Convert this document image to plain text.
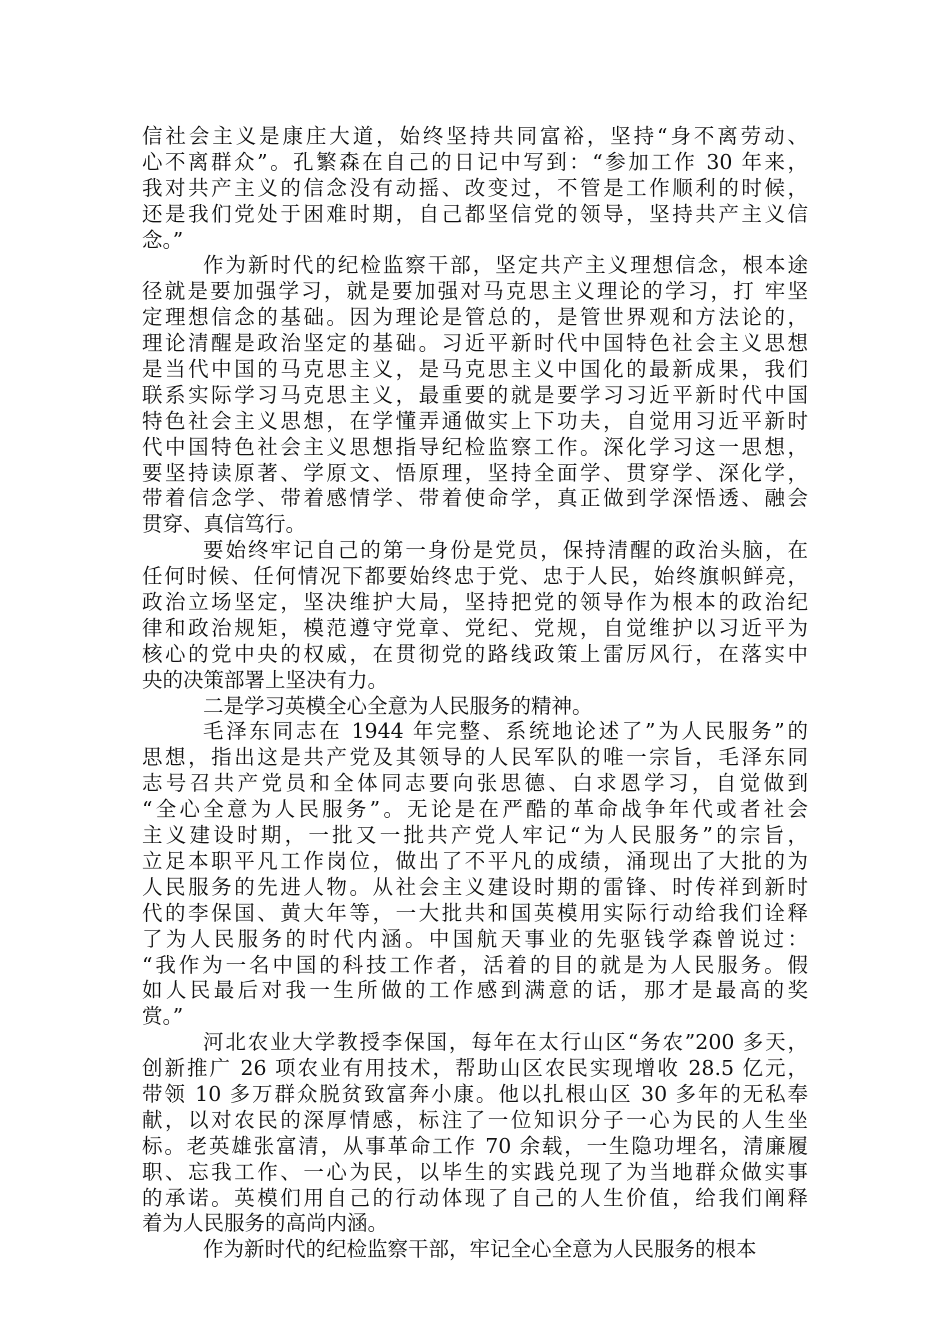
信社会主义是康庄大道，始终坚持共同富裕，坚持“身不离劳动、
心不离群众”。孔繁森在自己的日记中写到：“参加工作 30 年来，
我对共产主义的信念没有动摇、改变过，不管是工作顺利的时候，
还是我们党处于困难时期，自己都坚信党的领导，坚持共产主义信
念。”
作为新时代的纪检监察干部，坚定共产主义理想信念，根本途
径就是要加强学习，就是要加强对马克思主义理论的学习，打 牢坚
定理想信念的基础。因为理论是管总的，是管世界观和方法论的，
理论清醒是政治坚定的基础。习近平新时代中国特色社会主义思想
是当代中国的马克思主义，是马克思主义中国化的最新成果，我们
联系实际学习马克思主义，最重要的就是要学习习近平新时代中国
特色社会主义思想，在学懂弄通做实上下功夫，自觉用习近平新时
代中国特色社会主义思想指导纪检监察工作。深化学习这一思想，
要坚持读原著、学原文、悟原理，坚持全面学、贯穿学、深化学，
带着信念学、带着感情学、带着使命学，真正做到学深悟透、融会
贯穿、真信笃行。
要始终牢记自己的第一身份是党员，保持清醒的政治头脑，在
任何时候、任何情况下都要始终忠于党、忠于人民，始终旗帜鲜亮，
政治立场坚定，坚决维护大局，坚持把党的领导作为根本的政治纪
律和政治规矩，模范遵守党章、党纪、党规，自觉维护以习近平为
核心的党中央的权威，在贯彻党的路线政策上雷厉风行，在落实中
央的决策部署上坚决有力。
二是学习英模全心全意为人民服务的精神。
毛泽东同志在 1944 年完整、系统地论述了”为人民服务”的
思想，指出这是共产党及其领导的人民军队的唯一宗旨，毛泽东同
志号召共产党员和全体同志要向张思德、白求恩学习，自觉做到
“全心全意为人民服务”。无论是在严酷的革命战争年代或者社会
主义建设时期，一批又一批共产党人牢记“为人民服务”的宗旨，
立足本职平凡工作岗位，做出了不平凡的成绩，涌现出了大批的为
人民服务的先进人物。从社会主义建设时期的雷锋、时传祥到新时
代的李保国、黄大年等，一大批共和国英模用实际行动给我们诠释
了为人民服务的时代内涵。中国航天事业的先驱钱学森曾说过：
“我作为一名中国的科技工作者，活着的目的就是为人民服务。假
如人民最后对我一生所做的工作感到满意的话，那才是最高的奖
赏。”
河北农业大学教授李保国，每年在太行山区“务农”200 多天，
创新推广 26 项农业有用技术，帮助山区农民实现增收 28.5 亿元，
带领 10 多万群众脱贫致富奔小康。他以扎根山区 30 多年的无私奉
献，以对农民的深厚情感，标注了一位知识分子一心为民的人生坐
标。老英雄张富清，从事革命工作 70 余载，一生隐功埋名，清廉履
职、忘我工作、一心为民，以毕生的实践兑现了为当地群众做实事
的承诺。英模们用自己的行动体现了自己的人生价值，给我们阐释
着为人民服务的高尚内涵。
作为新时代的纪检监察干部，牢记全心全意为人民服务的根本
